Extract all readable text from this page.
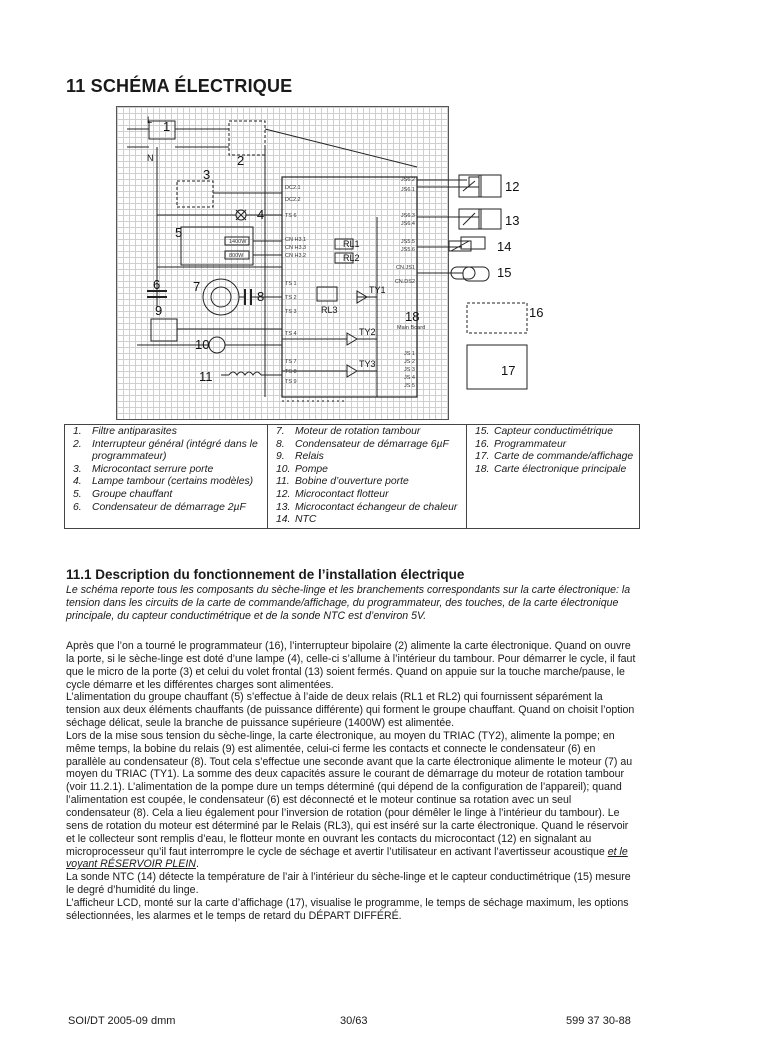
11 SCHÉMA ÉLECTRIQUE
1
2
3
4
5
6	7
8
9
10
11
18
12
13
14
15
16
17
RL1
RL2
RL3
TY1
TY2
TY3
L
N
Main Board
DC2.1
DC2.2
TS 6
CN H3.1
CN H3.3
CN H3.2
TS 1
TS 2
TS 3
TS 4
TS 7
TS 8
TS 9
1400W
800W
JS6.2
JS6.1
JS6.3
JS6.4
JS5.5
JS5.6
CN.JS1
CN.DS2
JS 1
JS 2
JS 3
JS 4
JS 5
1. Filtre antiparasites
2. Interrupteur général (intégré dans le programmateur)
3. Microcontact serrure porte
4. Lampe tambour (certains modèles)
5. Groupe chauffant
6. Condensateur de démarrage 2µF

7. Moteur de rotation tambour
8. Condensateur de démarrage 6µF
9. Relais
10. Pompe
11. Bobine d’ouverture porte
12. Microcontact flotteur
13. Microcontact échangeur de chaleur
14. NTC

15. Capteur conductimétrique
16. Programmateur
17. Carte de commande/affichage
18. Carte électronique principale
11.1 Description du fonctionnement de l’installation électrique

Le schéma reporte tous les composants du sèche-linge et les branchements correspondants sur la carte électronique: la tension dans les circuits de la carte de commande/affichage, du programmateur, des touches, de la carte électronique principale, du capteur conductimétrique et de la sonde NTC est d’environ 5V.

Après que l’on a tourné le programmateur (16), l’interrupteur bipolaire (2) alimente la carte électronique. Quand on ouvre la porte, si le sèche-linge est doté d’une lampe (4), celle-ci s’allume à l’intérieur du tambour. Pour démarrer le cycle, il faut que le micro de la porte (3) et celui du volet frontal (13) soient fermés. Quand on appuie sur la touche marche/pause, le cycle démarre et les différentes charges sont alimentées.

L’alimentation du groupe chauffant (5) s’effectue à l’aide de deux relais (RL1 et RL2) qui fournissent séparément la tension aux deux éléments chauffants (de puissance différente) qui forment le groupe chauffant. Quand on choisit l’option séchage délicat, seule la branche de puissance supérieure (1400W) est alimentée.

Lors de la mise sous tension du sèche-linge, la carte électronique, au moyen du TRIAC (TY2), alimente la pompe; en même temps, la bobine du relais (9) est alimentée, celui-ci ferme les contacts et connecte le condensateur (6) en parallèle au condensateur (8). Tout cela s’effectue une seconde avant que la carte électronique alimente le moteur (7) au moyen du TRIAC (TY1). La somme des deux capacités assure le courant de démarrage du moteur de rotation tambour (voir 11.2.1). L’alimentation de la pompe dure un temps déterminé (qui dépend de la configuration de l’appareil); quand l’alimentation est coupée, le condensateur (6) est déconnecté et le moteur continue sa rotation avec un seul condensateur (8). Cela a lieu également pour l’inversion de rotation (pour démêler le linge à l’intérieur du tambour). Le sens de rotation du moteur est déterminé par le Relais (RL3), qui est inséré sur la carte électronique. Quand le réservoir et le collecteur sont remplis d’eau, le flotteur monte en ouvrant les contacts du microcontact (12) en signalant au microprocesseur qu’il faut interrompre le cycle de séchage et avertir l’utilisateur en activant l’avertisseur acoustique et le voyant RÉSERVOIR PLEIN.

La sonde NTC (14) détecte la température de l’air à l’intérieur du sèche-linge et le capteur conductimétrique (15) mesure le degré d’humidité du linge.

L’afficheur LCD, monté sur la carte d’affichage (17), visualise le programme, le temps de séchage maximum, les options sélectionnées, les alarmes et le temps de retard du DÉPART DIFFÉRÉ.

SOI/DT 2005-09 dmm	30/63	599 37 30-88
